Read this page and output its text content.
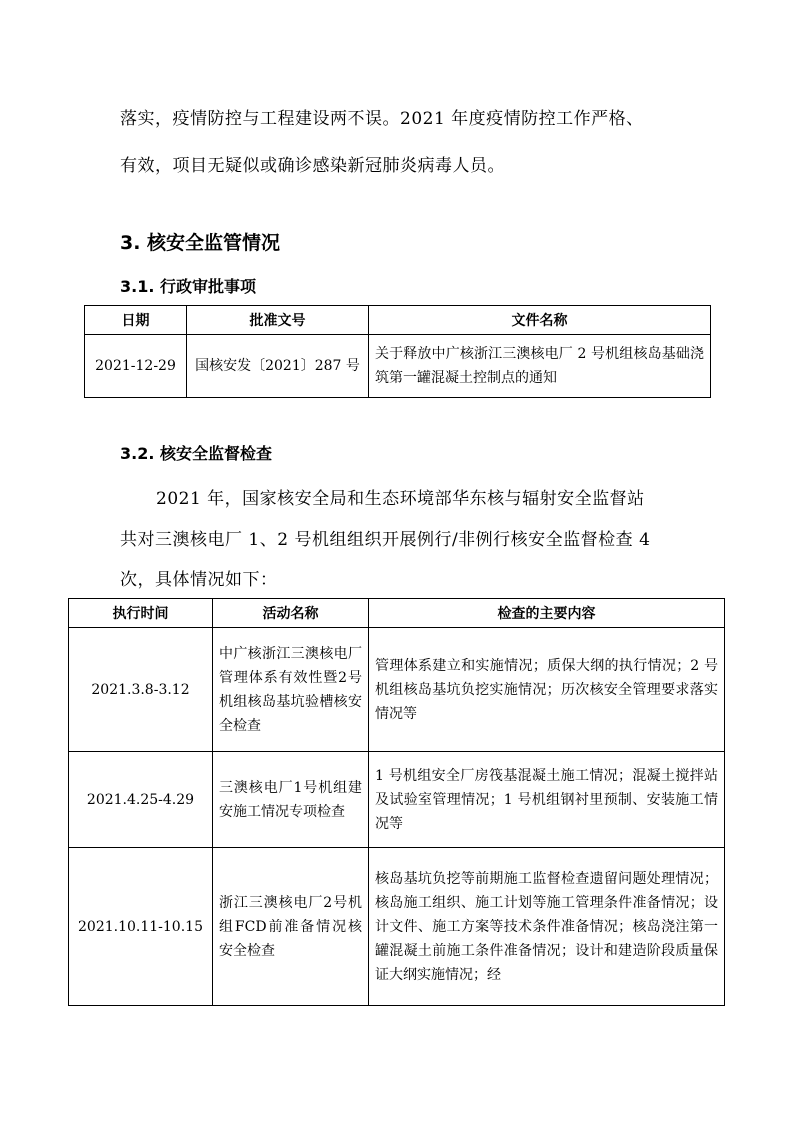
落实，疫情防控与工程建设两不误。2021 年度疫情防控工作严格、
有效，项目无疑似或确诊感染新冠肺炎病毒人员。
3. 核安全监管情况
3.1. 行政审批事项
日期	批准文号	文件名称
2021-12-29	国核安发〔2021〕287 号	关于释放中广核浙江三澳核电厂 2 号机组核岛基础浇筑第一罐混凝土控制点的通知
3.2. 核安全监督检查
2021 年，国家核安全局和生态环境部华东核与辐射安全监督站
共对三澳核电厂 1、2 号机组组织开展例行/非例行核安全监督检查 4
次，具体情况如下：
执行时间	活动名称	检查的主要内容
2021.3.8-3.12	中广核浙江三澳核电厂管理体系有效性暨2号机组核岛基坑验槽核安全检查	管理体系建立和实施情况；质保大纲的执行情况；2 号机组核岛基坑负挖实施情况；历次核安全管理要求落实情况等
2021.4.25-4.29	三澳核电厂1号机组建安施工情况专项检查	1 号机组安全厂房筏基混凝土施工情况；混凝土搅拌站及试验室管理情况；1 号机组钢衬里预制、安装施工情况等
2021.10.11-10.15	浙江三澳核电厂2号机组FCD前准备情况核安全检查	核岛基坑负挖等前期施工监督检查遗留问题处理情况；核岛施工组织、施工计划等施工管理条件准备情况；设计文件、施工方案等技术条件准备情况；核岛浇注第一罐混凝土前施工条件准备情况；设计和建造阶段质量保证大纲实施情况；经
